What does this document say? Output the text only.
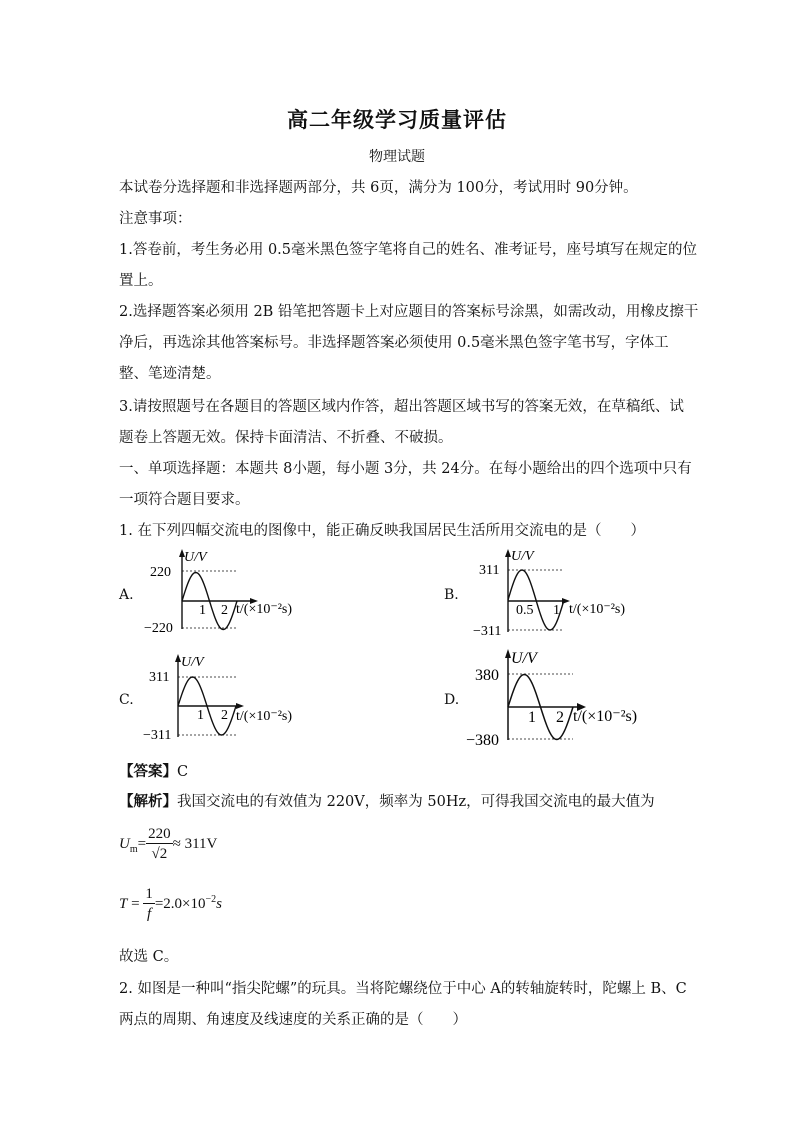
高二年级学习质量评估
物理试题
本试卷分选择题和非选择题两部分，共 6页，满分为 100分，考试用时 90分钟。
注意事项：
1.答卷前，考生务必用 0.5毫米黑色签字笔将自己的姓名、准考证号，座号填写在规定的位
置上。
2.选择题答案必须用 2B 铅笔把答题卡上对应题目的答案标号涂黑，如需改动，用橡皮擦干
净后，再选涂其他答案标号。非选择题答案必须使用 0.5毫米黑色签字笔书写，字体工
整、笔迹清楚。
3.请按照题号在各题目的答题区域内作答，超出答题区域书写的答案无效，在草稿纸、试
题卷上答题无效。保持卡面清洁、不折叠、不破损。
一、单项选择题：本题共 8小题，每小题 3分，共 24分。在每小题给出的四个选项中只有
一项符合题目要求。
1. 在下列四幅交流电的图像中，能正确反映我国居民生活所用交流电的是（　　）
A.
220
−220
U/V
1 2 t/(×10⁻²s)
B.
311
−311
U/V
0.5 1 t/(×10⁻²s)
C.
311
−311
U/V
1 2 t/(×10⁻²s)
D.
380
−380
U/V
1 2 t/(×10⁻²s)
【答案】C
【解析】我国交流电的有效值为 220V，频率为 50Hz，可得我国交流电的最大值为
$U_m= \frac{220}{√2} \approx 311V$
$T = \frac{1}{f} =2.0\times 10^{-2}s$
故选 C。
2. 如图是一种叫“指尖陀螺”的玩具。当将陀螺绕位于中心 A的转轴旋转时，陀螺上 B、C
两点的周期、角速度及线速度的关系正确的是（　　）
